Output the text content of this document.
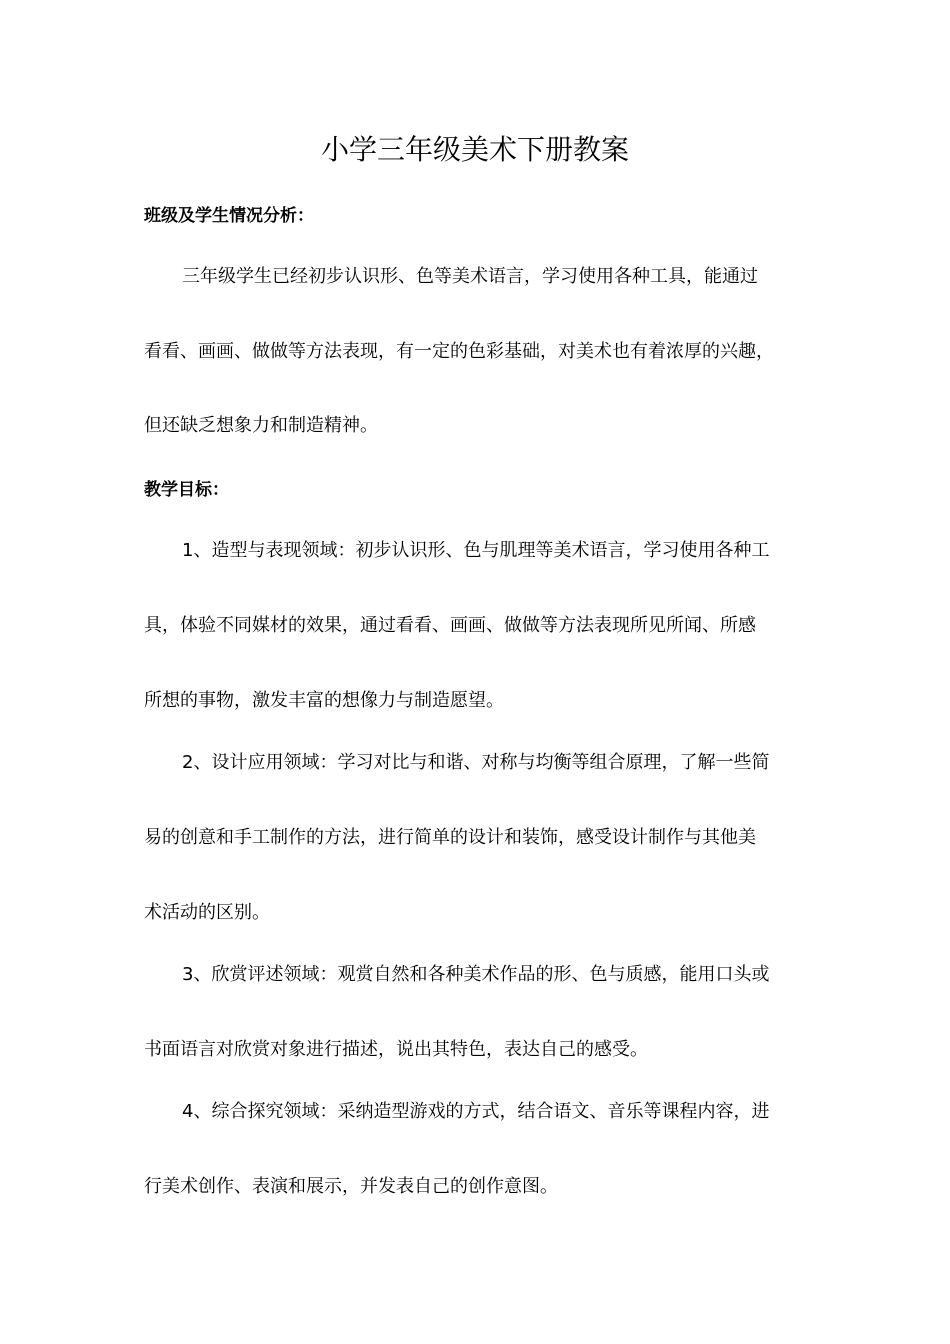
小学三年级美术下册教案
班级及学生情况分析：

三年级学生已经初步认识形、色等美术语言，学习使用各种工具，能通过

看看、画画、做做等方法表现，有一定的色彩基础，对美术也有着浓厚的兴趣，

但还缺乏想象力和制造精神。

教学目标：

1、造型与表现领域：初步认识形、色与肌理等美术语言，学习使用各种工

具，体验不同媒材的效果，通过看看、画画、做做等方法表现所见所闻、所感

所想的事物，激发丰富的想像力与制造愿望。

2、设计应用领域：学习对比与和谐、对称与均衡等组合原理，了解一些简

易的创意和手工制作的方法，进行简单的设计和装饰，感受设计制作与其他美

术活动的区别。

3、欣赏评述领域：观赏自然和各种美术作品的形、色与质感，能用口头或

书面语言对欣赏对象进行描述，说出其特色，表达自己的感受。

4、综合探究领域：采纳造型游戏的方式，结合语文、音乐等课程内容，进

行美术创作、表演和展示，并发表自己的创作意图。
